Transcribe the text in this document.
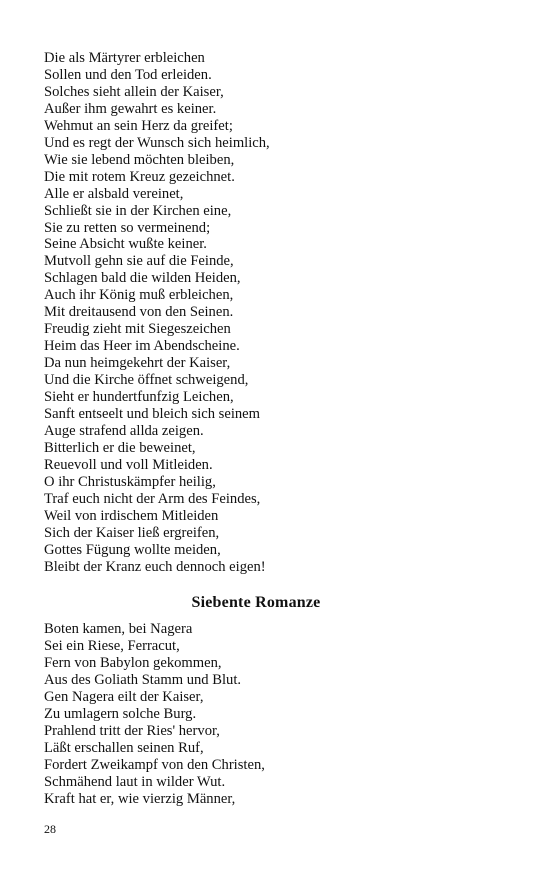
Die als Märtyrer erbleichen
Sollen und den Tod erleiden.
Solches sieht allein der Kaiser,
Außer ihm gewahrt es keiner.
Wehmut an sein Herz da greifet;
Und es regt der Wunsch sich heimlich,
Wie sie lebend möchten bleiben,
Die mit rotem Kreuz gezeichnet.
Alle er alsbald vereinet,
Schließt sie in der Kirchen eine,
Sie zu retten so vermeinend;
Seine Absicht wußte keiner.
Mutvoll gehn sie auf die Feinde,
Schlagen bald die wilden Heiden,
Auch ihr König muß erbleichen,
Mit dreitausend von den Seinen.
Freudig zieht mit Siegeszeichen
Heim das Heer im Abendscheine.
Da nun heimgekehrt der Kaiser,
Und die Kirche öffnet schweigend,
Sieht er hundertfunfzig Leichen,
Sanft entseelt und bleich sich seinem
Auge strafend allda zeigen.
Bitterlich er die beweinet,
Reuevoll und voll Mitleiden.
O ihr Christuskämpfer heilig,
Traf euch nicht der Arm des Feindes,
Weil von irdischem Mitleiden
Sich der Kaiser ließ ergreifen,
Gottes Fügung wollte meiden,
Bleibt der Kranz euch dennoch eigen!
Siebente Romanze
Boten kamen, bei Nagera
Sei ein Riese, Ferracut,
Fern von Babylon gekommen,
Aus des Goliath Stamm und Blut.
Gen Nagera eilt der Kaiser,
Zu umlagern solche Burg.
Prahlend tritt der Ries' hervor,
Läßt erschallen seinen Ruf,
Fordert Zweikampf von den Christen,
Schmähend laut in wilder Wut.
Kraft hat er, wie vierzig Männer,

28
